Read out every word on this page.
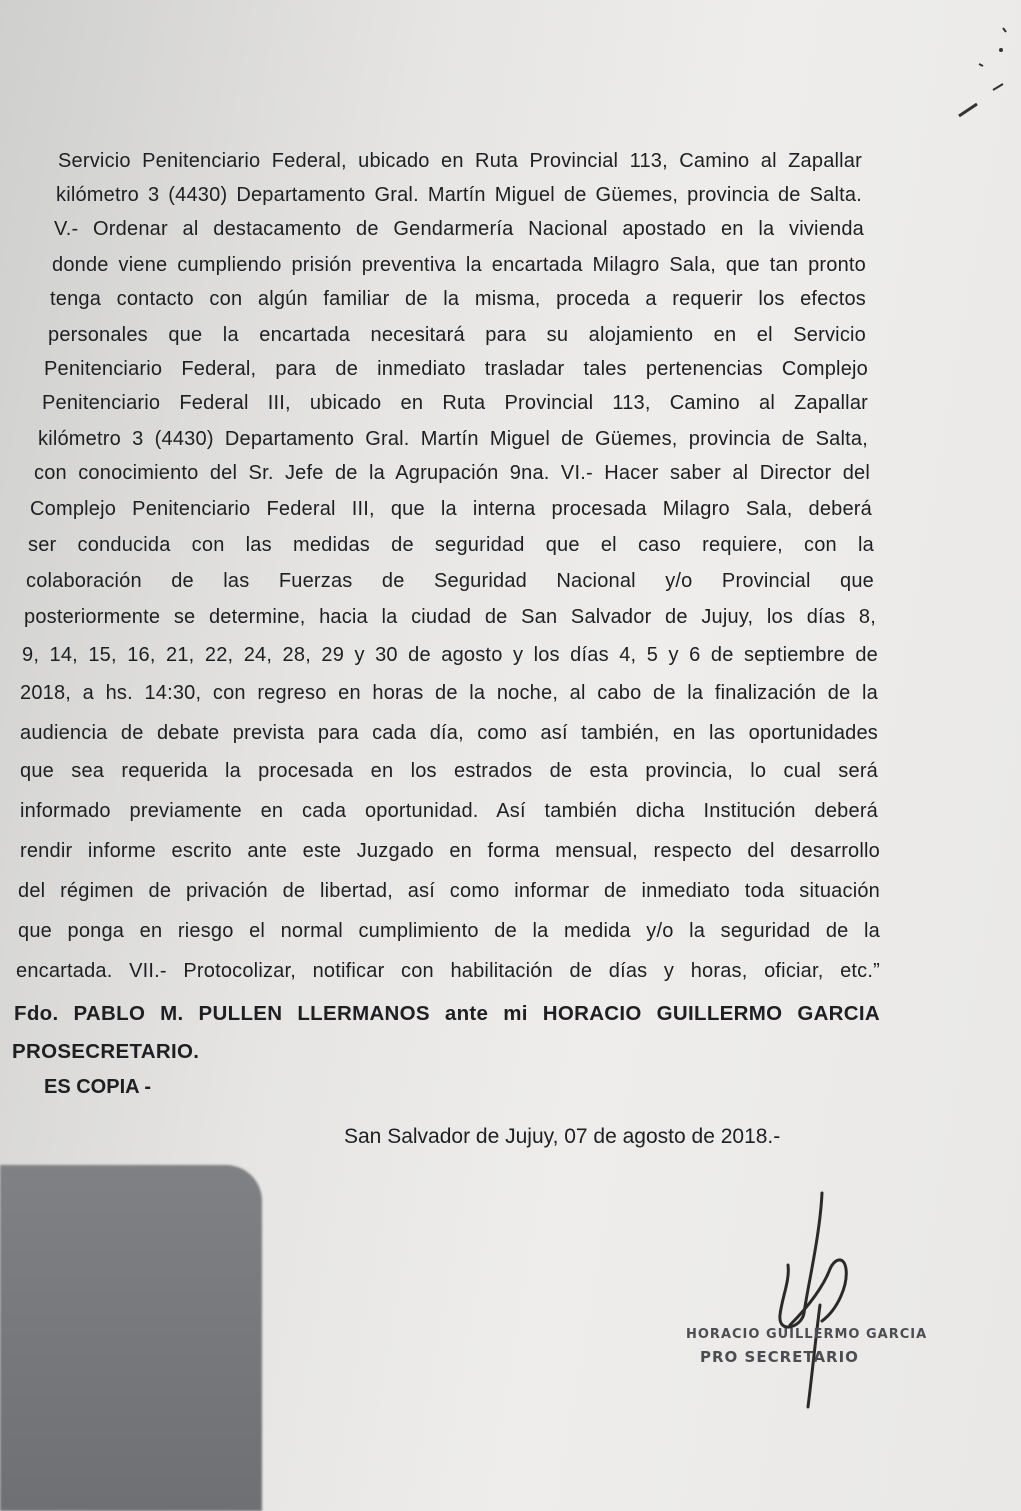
Servicio Penitenciario Federal, ubicado en Ruta Provincial 113, Camino al Zapallar
kilómetro 3 (4430) Departamento Gral. Martín Miguel de Güemes, provincia de Salta.
V.- Ordenar al destacamento de Gendarmería Nacional apostado en la vivienda
donde viene cumpliendo prisión preventiva la encartada Milagro Sala, que tan pronto
tenga contacto con algún familiar de la misma, proceda a requerir los efectos
personales que la encartada necesitará para su alojamiento en el Servicio
Penitenciario Federal, para de inmediato trasladar tales pertenencias Complejo
Penitenciario Federal III, ubicado en Ruta Provincial 113, Camino al Zapallar
kilómetro 3 (4430) Departamento Gral. Martín Miguel de Güemes, provincia de Salta,
con conocimiento del Sr. Jefe de la Agrupación 9na. VI.- Hacer saber al Director del
Complejo Penitenciario Federal III, que la interna procesada Milagro Sala, deberá
ser conducida con las medidas de seguridad que el caso requiere, con la
colaboración de las Fuerzas de Seguridad Nacional y/o Provincial que
posteriormente se determine, hacia la ciudad de San Salvador de Jujuy, los días 8,
9, 14, 15, 16, 21, 22, 24, 28, 29 y 30 de agosto y los días 4, 5 y 6 de septiembre de
2018, a hs. 14:30, con regreso en horas de la noche, al cabo de la finalización de la
audiencia de debate prevista para cada día, como así también, en las oportunidades
que sea requerida la procesada en los estrados de esta provincia, lo cual será
informado previamente en cada oportunidad. Así también dicha Institución deberá
rendir informe escrito ante este Juzgado en forma mensual, respecto del desarrollo
del régimen de privación de libertad, así como informar de inmediato toda situación
que ponga en riesgo el normal cumplimiento de la medida y/o la seguridad de la
encartada. VII.- Protocolizar, notificar con habilitación de días y horas, oficiar, etc.”
Fdo. PABLO M. PULLEN LLERMANOS ante mi HORACIO GUILLERMO GARCIA
PROSECRETARIO.
ES COPIA -
San Salvador de Jujuy, 07 de agosto de 2018.-
HORACIO GUILLERMO GARCIA
PRO SECRETARIO
